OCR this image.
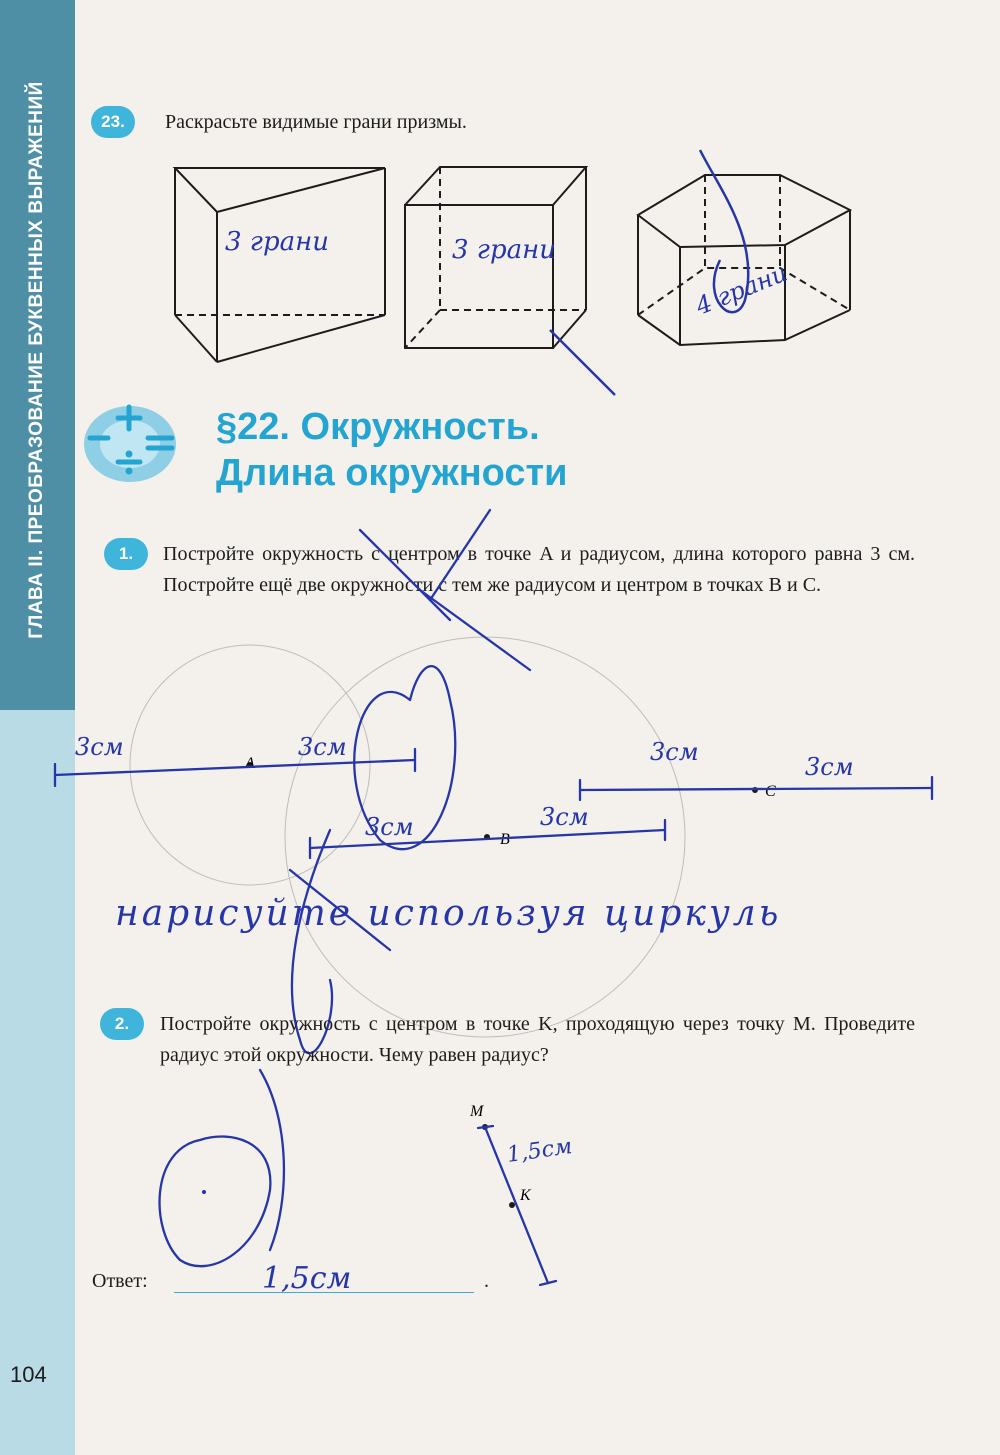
ГЛАВА II. ПРЕОБРАЗОВАНИЕ БУКВЕННЫХ ВЫРАЖЕНИЙ
104
23.	Раскрасьте видимые грани призмы.
3 грани	3 грани
4 грани
§22. Окружность.
Длина окружности
1.	Постройте окружность с центром в точке A и радиусом, длина которого равна 3 см. Постройте ещё две окружности с тем же радиусом и центром в точках B и C.
A
B
C
3см	3см	3см
3см
3см	3см
нарисуйте используя циркуль
2.	Постройте окружность с центром в точке K, проходящую через точку M. Проведите радиус этой окружности. Чему равен радиус?
M
K
1,5см
Ответ:	1,5см	.
